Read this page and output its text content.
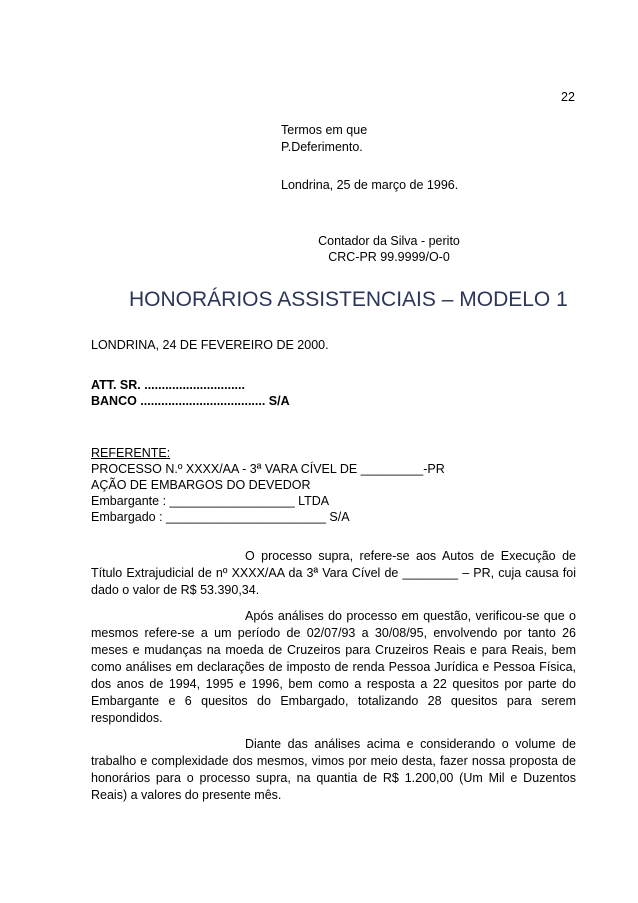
22
Termos em que
P.Deferimento.
Londrina, 25 de março de 1996.
Contador da Silva - perito
CRC-PR 99.9999/O-0
HONORÁRIOS ASSISTENCIAIS – MODELO 1
LONDRINA, 24 DE FEVEREIRO DE 2000.
ATT. SR. .............................
BANCO .................................... S/A
REFERENTE:
PROCESSO N.º XXXX/AA - 3ª VARA CÍVEL DE _________-PR
AÇÃO DE EMBARGOS DO DEVEDOR
Embargante : __________________ LTDA
Embargado : _______________________ S/A

O processo supra, refere-se aos Autos de Execução de Título Extrajudicial de nº XXXX/AA da 3ª Vara Cível de ________ – PR, cuja causa foi dado o valor de R$ 53.390,34.

Após análises do processo em questão, verificou-se que o mesmos refere-se a um período de 02/07/93 a 30/08/95, envolvendo por tanto 26 meses e mudanças na moeda de Cruzeiros para Cruzeiros Reais e para Reais, bem como análises em declarações de imposto de renda Pessoa Jurídica e Pessoa Física, dos anos de 1994, 1995 e 1996, bem como a resposta a 22 quesitos por parte do Embargante e 6 quesitos do Embargado, totalizando 28 quesitos para serem respondidos.

Diante das análises acima e considerando o volume de trabalho e complexidade dos mesmos, vimos por meio desta, fazer nossa proposta de honorários para o processo supra, na quantia de R$ 1.200,00 (Um Mil e Duzentos Reais) a valores do presente mês.
